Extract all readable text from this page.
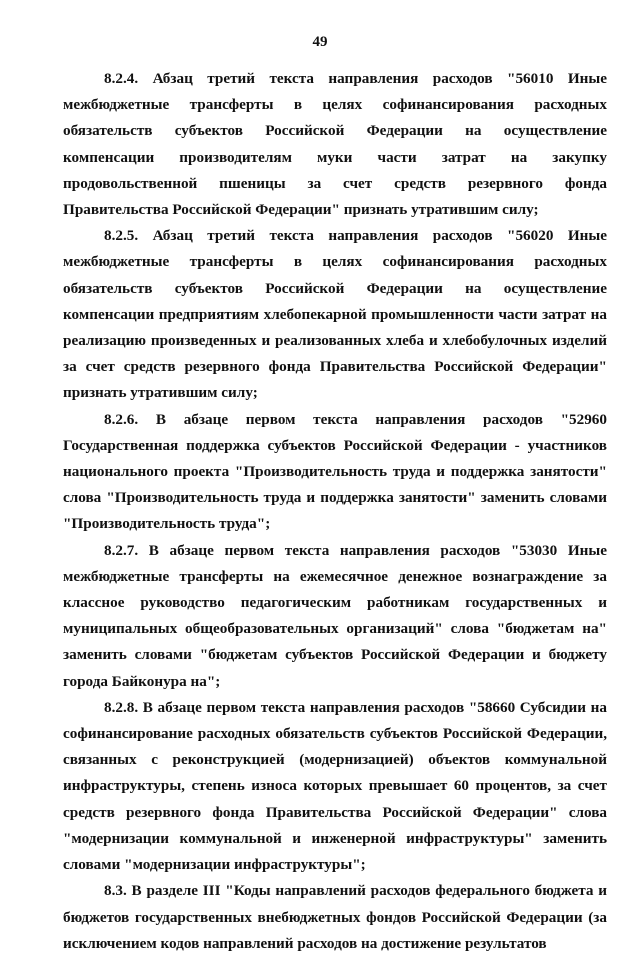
49

8.2.4. Абзац третий текста направления расходов "56010 Иные межбюджетные трансферты в целях софинансирования расходных обязательств субъектов Российской Федерации на осуществление компенсации производителям муки части затрат на закупку продовольственной пшеницы за счет средств резервного фонда Правительства Российской Федерации" признать утратившим силу;

8.2.5. Абзац третий текста направления расходов "56020 Иные межбюджетные трансферты в целях софинансирования расходных обязательств субъектов Российской Федерации на осуществление компенсации предприятиям хлебопекарной промышленности части затрат на реализацию произведенных и реализованных хлеба и хлебобулочных изделий за счет средств резервного фонда Правительства Российской Федерации" признать утратившим силу;

8.2.6. В абзаце первом текста направления расходов "52960 Государственная поддержка субъектов Российской Федерации - участников национального проекта "Производительность труда и поддержка занятости" слова "Производительность труда и поддержка занятости" заменить словами "Производительность труда";

8.2.7. В абзаце первом текста направления расходов "53030 Иные межбюджетные трансферты на ежемесячное денежное вознаграждение за классное руководство педагогическим работникам государственных и муниципальных общеобразовательных организаций" слова "бюджетам на" заменить словами "бюджетам субъектов Российской Федерации и бюджету города Байконура на";

8.2.8. В абзаце первом текста направления расходов "58660 Субсидии на софинансирование расходных обязательств субъектов Российской Федерации, связанных с реконструкцией (модернизацией) объектов коммунальной инфраструктуры, степень износа которых превышает 60 процентов, за счет средств резервного фонда Правительства Российской Федерации" слова "модернизации коммунальной и инженерной инфраструктуры" заменить словами "модернизации инфраструктуры";

8.3. В разделе III "Коды направлений расходов федерального бюджета и бюджетов государственных внебюджетных фондов Российской Федерации (за исключением кодов направлений расходов на достижение результатов
